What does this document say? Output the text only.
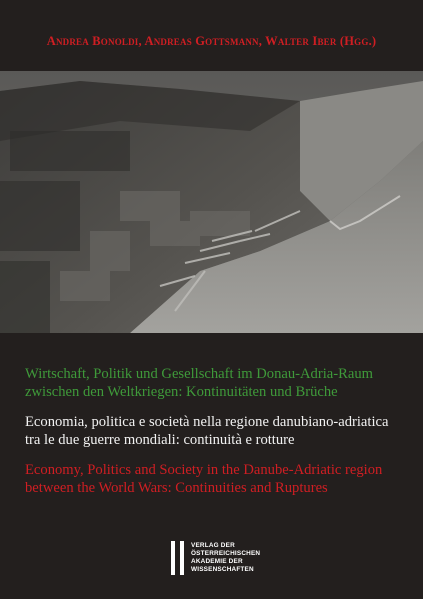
Andrea Bonoldi, Andreas Gottsmann, Walter Iber (Hgg.)
Wirtschaft, Politik und Gesellschaft im Donau-Adria-Raum
zwischen den Weltkriegen: Kontinuitäten und Brüche
Economia, politica e società nella regione danubiano-adriatica
tra le due guerre mondiali: continuità e rotture
Economy, Politics and Society in the Danube-Adriatic region
between the World Wars: Continuities and Ruptures
VERLAG DER
ÖSTERREICHISCHEN
AKADEMIE DER
WISSENSCHAFTEN
